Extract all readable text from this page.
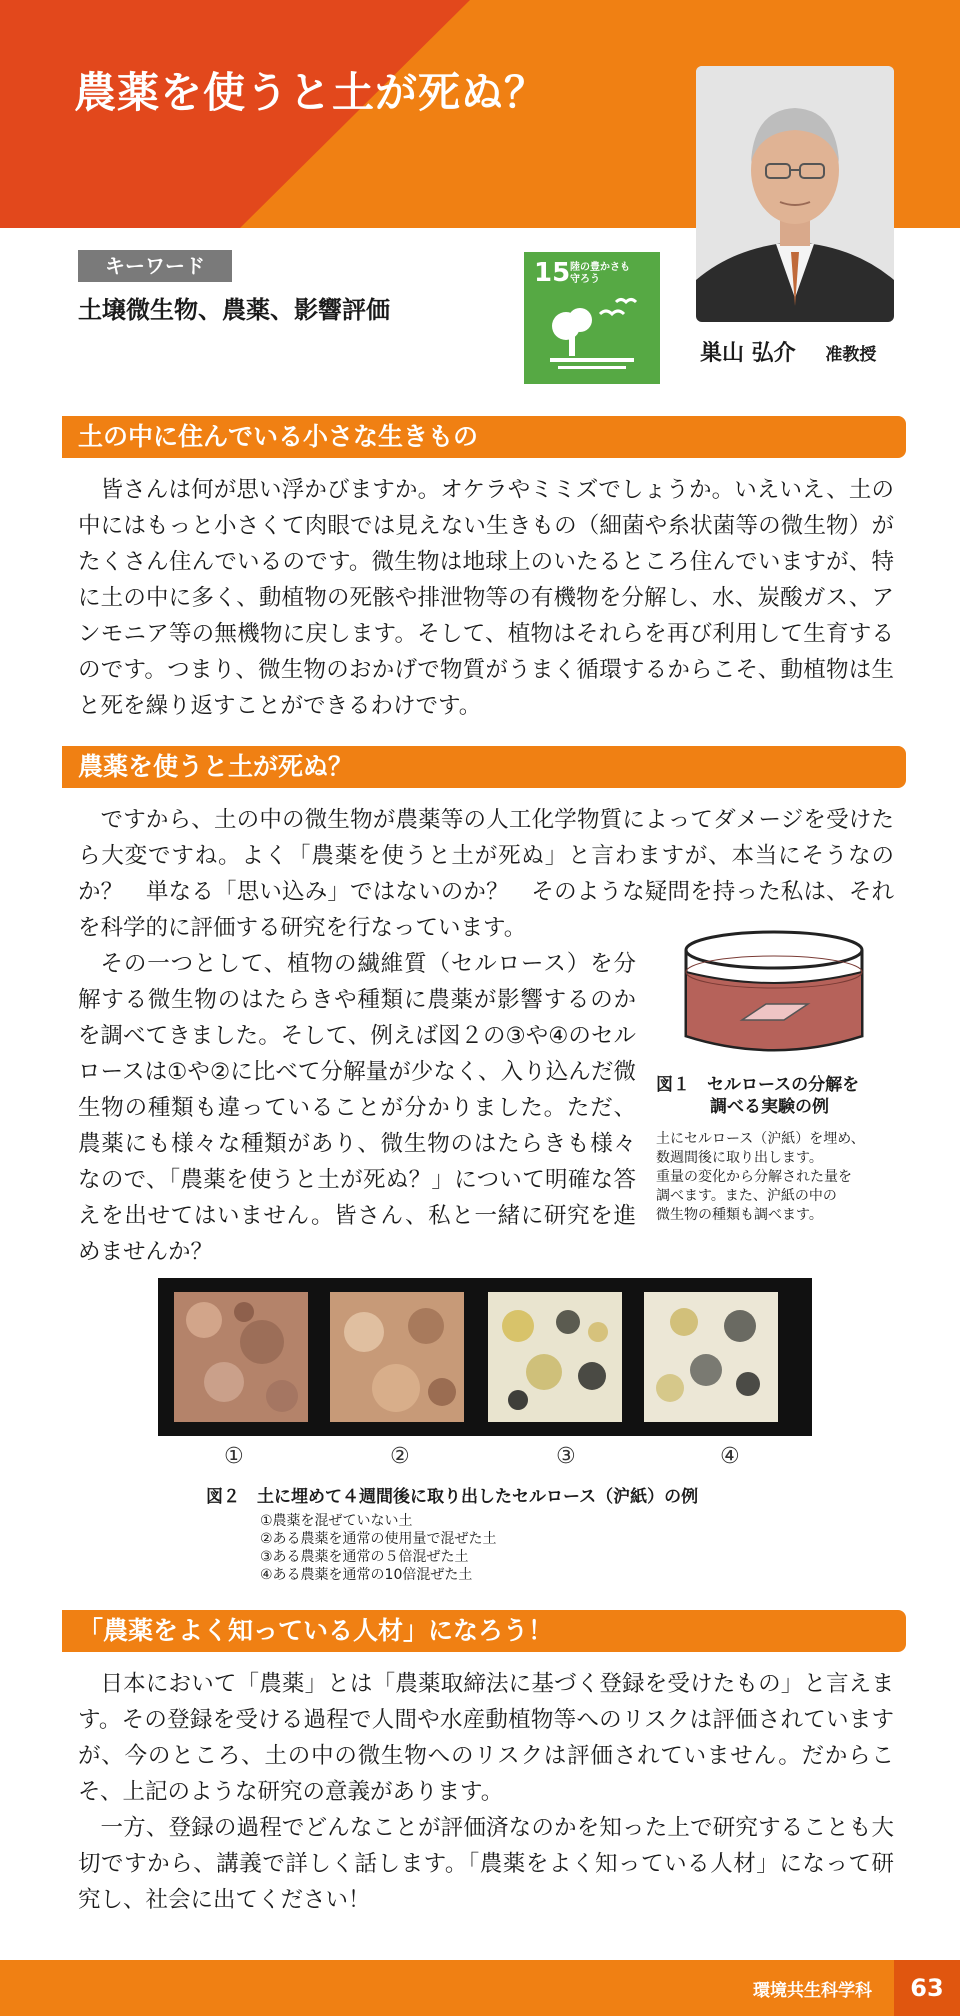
農薬を使うと土が死ぬ？
キーワード
土壌微生物、農薬、影響評価
15 陸の豊かさも
守ろう
巣山 弘介 准教授
土の中に住んでいる小さな生きもの

皆さんは何が思い浮かびますか。オケラやミミズでしょうか。いえいえ、土の中にはもっと小さくて肉眼では見えない生きもの（細菌や糸状菌等の微生物）がたくさん住んでいるのです。微生物は地球上のいたるところ住んでいますが、特に土の中に多く、動植物の死骸や排泄物等の有機物を分解し、水、炭酸ガス、アンモニア等の無機物に戻します。そして、植物はそれらを再び利用して生育するのです。つまり、微生物のおかげで物質がうまく循環するからこそ、動植物は生と死を繰り返すことができるわけです。

農薬を使うと土が死ぬ？

ですから、土の中の微生物が農薬等の人工化学物質によってダメージを受けたら大変ですね。よく「農薬を使うと土が死ぬ」と言わますが、本当にそうなのか？　単なる「思い込み」ではないのか？　そのような疑問を持った私は、それを科学的に評価する研究を行なっています。

その一つとして、植物の繊維質（セルロース）を分解する微生物のはたらきや種類に農薬が影響するのかを調べてきました。そして、例えば図２の③や④のセルロースは①や②に比べて分解量が少なく、入り込んだ微生物の種類も違っていることが分かりました。ただ、農薬にも様々な種類があり、微生物のはたらきも様々なので、「農薬を使うと土が死ぬ？」について明確な答えを出せてはいません。皆さん、私と一緒に研究を進めませんか？

図１　セルロースの分解を
調べる実験の例
土にセルロース（沪紙）を埋め、
数週間後に取り出します。
重量の変化から分解された量を
調べます。また、沪紙の中の
微生物の種類も調べます。
①	②	③	④
図２　土に埋めて４週間後に取り出したセルロース（沪紙）の例
①農薬を混ぜていない土
②ある農薬を通常の使用量で混ぜた土
③ある農薬を通常の５倍混ぜた土
④ある農薬を通常の10倍混ぜた土
「農薬をよく知っている人材」になろう！

日本において「農薬」とは「農薬取締法に基づく登録を受けたもの」と言えます。その登録を受ける過程で人間や水産動植物等へのリスクは評価されていますが、今のところ、土の中の微生物へのリスクは評価されていません。だからこそ、上記のような研究の意義があります。

一方、登録の過程でどんなことが評価済なのかを知った上で研究することも大切ですから、講義で詳しく話します。「農薬をよく知っている人材」になって研究し、社会に出てください！

環境共生科学科	63
